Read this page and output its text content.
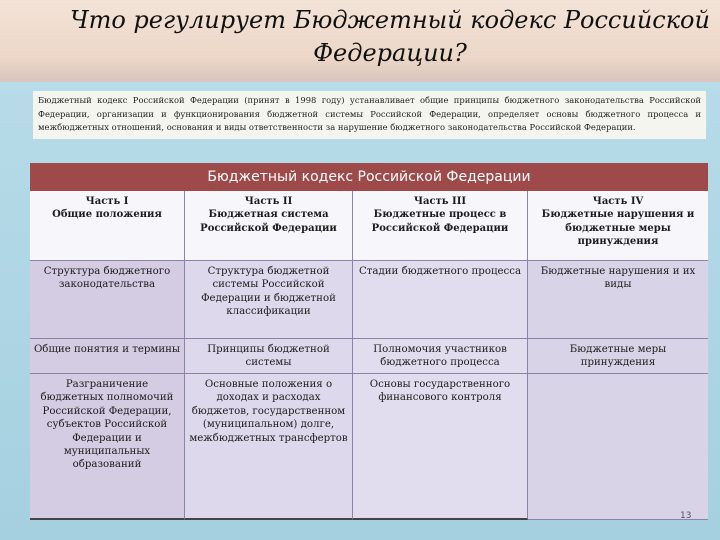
Что регулирует Бюджетный кодекс Российской
Федерации?
Бюджетный кодекс Российской Федерации (принят в 1998 году) устанавливает общие принципы бюджетного законодательства Российской Федерации, организации и функционирования бюджетной системы Российской Федерации, определяет основы бюджетного процесса и межбюджетных отношений, основания и виды ответственности за нарушение бюджетного законодательства Российской Федерации.
Бюджетный кодекс Российской Федерации
Часть I
Общие положения
Часть II
Бюджетная система Российской Федерации
Часть III
Бюджетные процесс в Российской Федерации
Часть IV
Бюджетные нарушения и бюджетные меры принуждения
Структура бюджетного законодательства
Структура бюджетной системы Российской Федерации и бюджетной классификации
Стадии бюджетного процесса	Бюджетные нарушения и их виды
Общие понятия и термины	Принципы бюджетной системы
Полномочия участников бюджетного процесса
Бюджетные меры принуждения
Разграничение бюджетных полномочий Российской Федерации, субъектов Российской Федерации и муниципальных образований
Основные положения о доходах и расходах бюджетов, государственном (муниципальном) долге, межбюджетных трансфертов
Основы государственного финансового контроля
13
